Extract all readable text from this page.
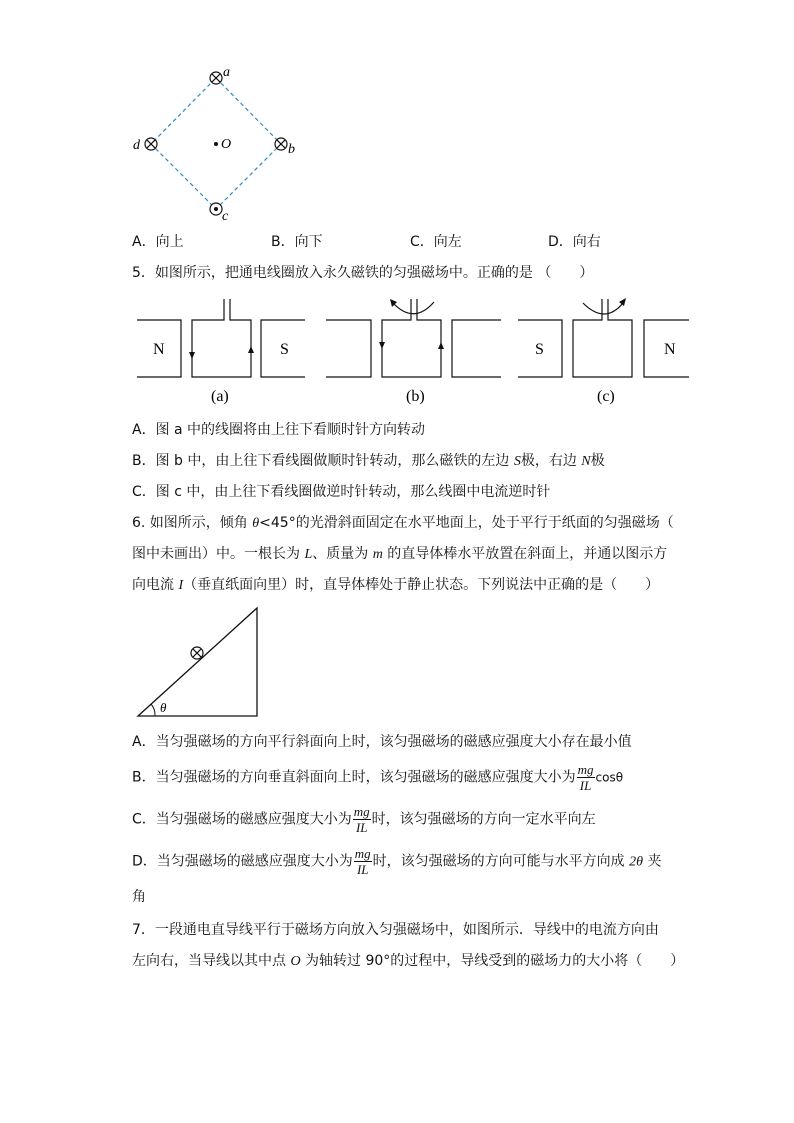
a
b
c
d	O
A．向上	B．向下	C．向左	D．向右
5．如图所示，把通电线圈放入永久磁铁的匀强磁场中。正确的是 （　　）
N	S	S	N
(a)	(b)	(c)
A．图 a 中的线圈将由上往下看顺时针方向转动
B．图 b 中，由上往下看线圈做顺时针转动，那么磁铁的左边 S极，右边 N极
C．图 c 中，由上往下看线圈做逆时针转动，那么线圈中电流逆时针
6. 如图所示，倾角 θ<45°的光滑斜面固定在水平地面上，处于平行于纸面的匀强磁场（
图中未画出）中。一根长为 L、质量为 m 的直导体棒水平放置在斜面上，并通以图示方
向电流 I（垂直纸面向里）时，直导体棒处于静止状态。下列说法中正确的是（　　）
θ
A．当匀强磁场的方向平行斜面向上时，该匀强磁场的磁感应强度大小存在最小值
B．当匀强磁场的方向垂直斜面向上时，该匀强磁场的磁感应强度大小为 $\frac{mg}{IL}$ cosθ
C．当匀强磁场的磁感应强度大小为 $\frac{mg}{IL}$ 时，该匀强磁场的方向一定水平向左
D．当匀强磁场的磁感应强度大小为 $\frac{mg}{IL}$ 时，该匀强磁场的方向可能与水平方向成 2θ 夹
角
7．一段通电直导线平行于磁场方向放入匀强磁场中，如图所示．导线中的电流方向由
左向右，当导线以其中点 O 为轴转过 90°的过程中，导线受到的磁场力的大小将（　　）
